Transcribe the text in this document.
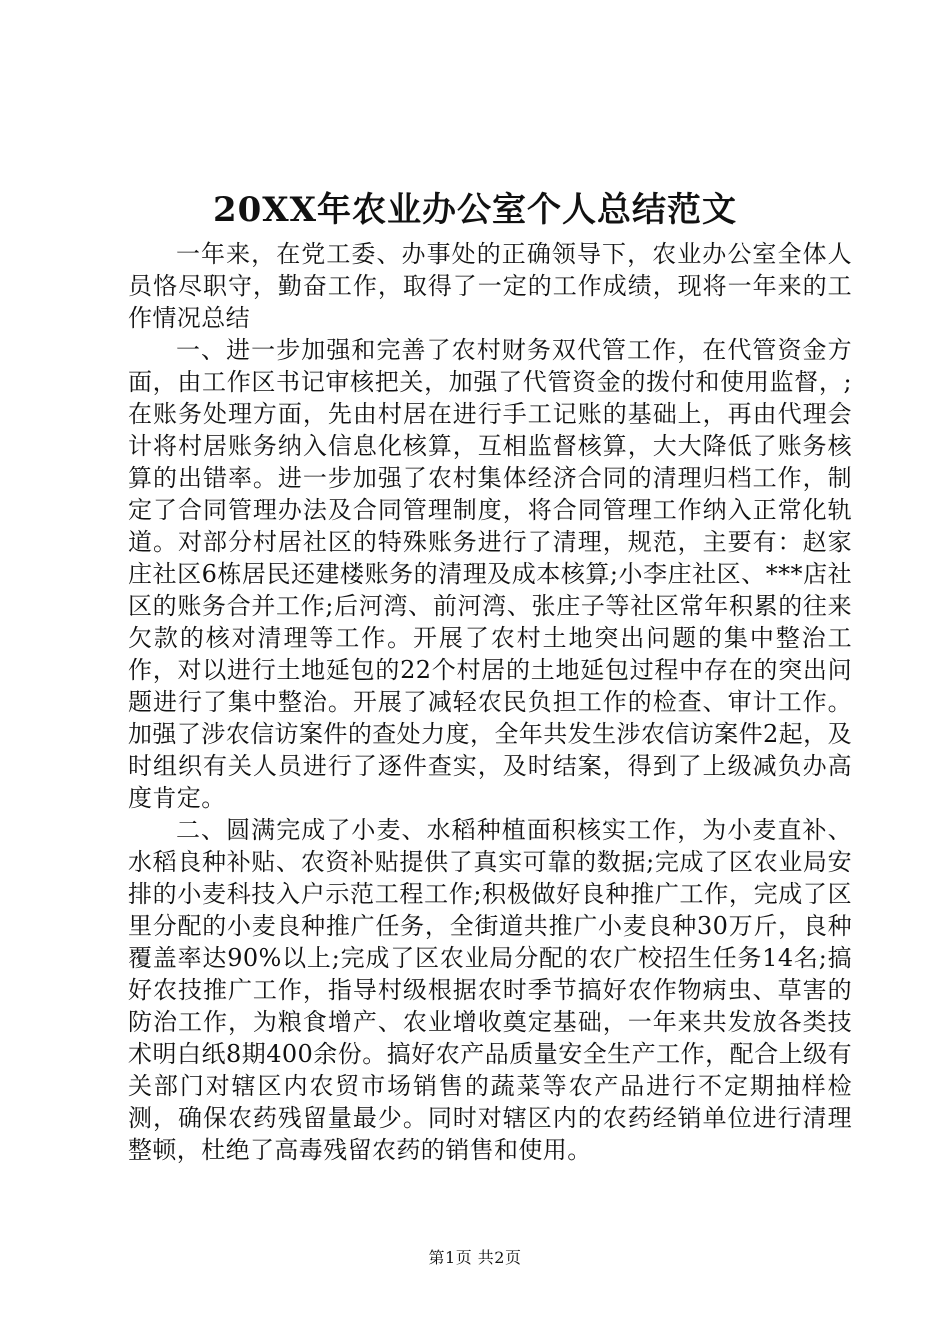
20XX年农业办公室个人总结范文

一年来，在党工委、办事处的正确领导下，农业办公室全体人员恪尽职守，勤奋工作，取得了一定的工作成绩，现将一年来的工作情况总结

一、进一步加强和完善了农村财务双代管工作，在代管资金方面，由工作区书记审核把关，加强了代管资金的拨付和使用监督，;在账务处理方面，先由村居在进行手工记账的基础上，再由代理会计将村居账务纳入信息化核算，互相监督核算，大大降低了账务核算的出错率。进一步加强了农村集体经济合同的清理归档工作，制定了合同管理办法及合同管理制度，将合同管理工作纳入正常化轨道。对部分村居社区的特殊账务进行了清理，规范，主要有：赵家庄社区6栋居民还建楼账务的清理及成本核算;小李庄社区、***店社区的账务合并工作;后河湾、前河湾、张庄子等社区常年积累的往来欠款的核对清理等工作。开展了农村土地突出问题的集中整治工作，对以进行土地延包的22个村居的土地延包过程中存在的突出问题进行了集中整治。开展了减轻农民负担工作的检查、审计工作。加强了涉农信访案件的查处力度，全年共发生涉农信访案件2起，及时组织有关人员进行了逐件查实，及时结案，得到了上级减负办高度肯定。

二、圆满完成了小麦、水稻种植面积核实工作，为小麦直补、水稻良种补贴、农资补贴提供了真实可靠的数据;完成了区农业局安排的小麦科技入户示范工程工作;积极做好良种推广工作，完成了区里分配的小麦良种推广任务，全街道共推广小麦良种30万斤，良种覆盖率达90%以上;完成了区农业局分配的农广校招生任务14名;搞好农技推广工作，指导村级根据农时季节搞好农作物病虫、草害的防治工作，为粮食增产、农业增收奠定基础，一年来共发放各类技术明白纸8期400余份。搞好农产品质量安全生产工作，配合上级有关部门对辖区内农贸市场销售的蔬菜等农产品进行不定期抽样检测，确保农药残留量最少。同时对辖区内的农药经销单位进行清理整顿，杜绝了高毒残留农药的销售和使用。

第1页 共2页
